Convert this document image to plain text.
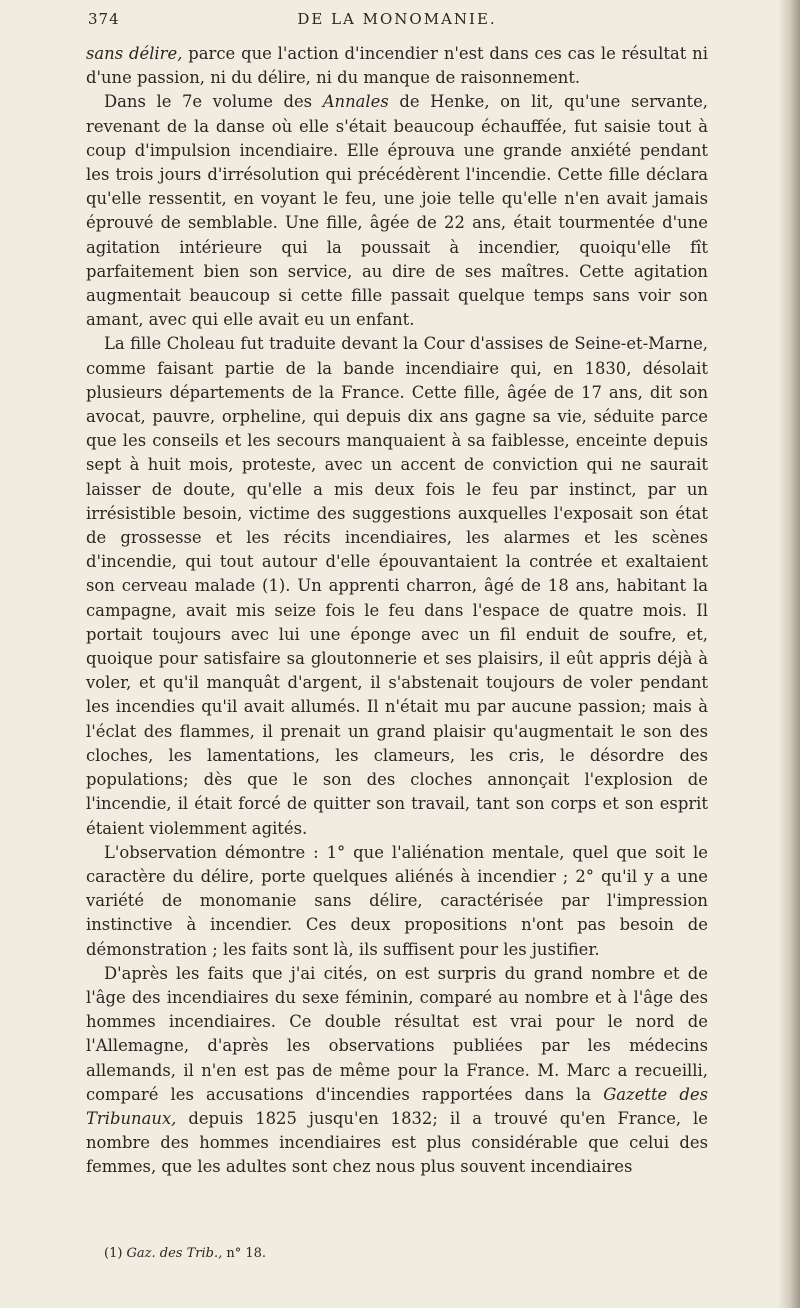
374	DE LA MONOMANIE.

sans délire, parce que l'action d'incendier n'est dans ces cas le résultat ni d'une passion, ni du délire, ni du manque de raisonnement.

Dans le 7e volume des Annales de Henke, on lit, qu'une servante, revenant de la danse où elle s'était beaucoup échauffée, fut saisie tout à coup d'impulsion incendiaire. Elle éprouva une grande anxiété pendant les trois jours d'irrésolution qui précédèrent l'incendie. Cette fille déclara qu'elle ressentit, en voyant le feu, une joie telle qu'elle n'en avait jamais éprouvé de semblable. Une fille, âgée de 22 ans, était tourmentée d'une agitation intérieure qui la poussait à incendier, quoiqu'elle fît parfaitement bien son service, au dire de ses maîtres. Cette agitation augmentait beaucoup si cette fille passait quelque temps sans voir son amant, avec qui elle avait eu un enfant.

La fille Choleau fut traduite devant la Cour d'assises de Seine-et-Marne, comme faisant partie de la bande incendiaire qui, en 1830, désolait plusieurs départements de la France. Cette fille, âgée de 17 ans, dit son avocat, pauvre, orpheline, qui depuis dix ans gagne sa vie, séduite parce que les conseils et les secours manquaient à sa faiblesse, enceinte depuis sept à huit mois, proteste, avec un accent de conviction qui ne saurait laisser de doute, qu'elle a mis deux fois le feu par instinct, par un irrésistible besoin, victime des suggestions auxquelles l'exposait son état de grossesse et les récits incendiaires, les alarmes et les scènes d'incendie, qui tout autour d'elle épouvantaient la contrée et exaltaient son cerveau malade (1). Un apprenti charron, âgé de 18 ans, habitant la campagne, avait mis seize fois le feu dans l'espace de quatre mois. Il portait toujours avec lui une éponge avec un fil enduit de soufre, et, quoique pour satisfaire sa gloutonnerie et ses plaisirs, il eût appris déjà à voler, et qu'il manquât d'argent, il s'abstenait toujours de voler pendant les incendies qu'il avait allumés. Il n'était mu par aucune passion; mais à l'éclat des flammes, il prenait un grand plaisir qu'augmentait le son des cloches, les lamentations, les clameurs, les cris, le désordre des populations; dès que le son des cloches annonçait l'explosion de l'incendie, il était forcé de quitter son travail, tant son corps et son esprit étaient violemment agités.

L'observation démontre : 1° que l'aliénation mentale, quel que soit le caractère du délire, porte quelques aliénés à incendier ; 2° qu'il y a une variété de monomanie sans délire, caractérisée par l'impression instinctive à incendier. Ces deux propositions n'ont pas besoin de démonstration ; les faits sont là, ils suffisent pour les justifier.

D'après les faits que j'ai cités, on est surpris du grand nombre et de l'âge des incendiaires du sexe féminin, comparé au nombre et à l'âge des hommes incendiaires. Ce double résultat est vrai pour le nord de l'Allemagne, d'après les observations publiées par les médecins allemands, il n'en est pas de même pour la France. M. Marc a recueilli, comparé les accusations d'incendies rapportées dans la Gazette des Tribunaux, depuis 1825 jusqu'en 1832; il a trouvé qu'en France, le nombre des hommes incendiaires est plus considérable que celui des femmes, que les adultes sont chez nous plus souvent incendiaires

(1) Gaz. des Trib., n° 18.
